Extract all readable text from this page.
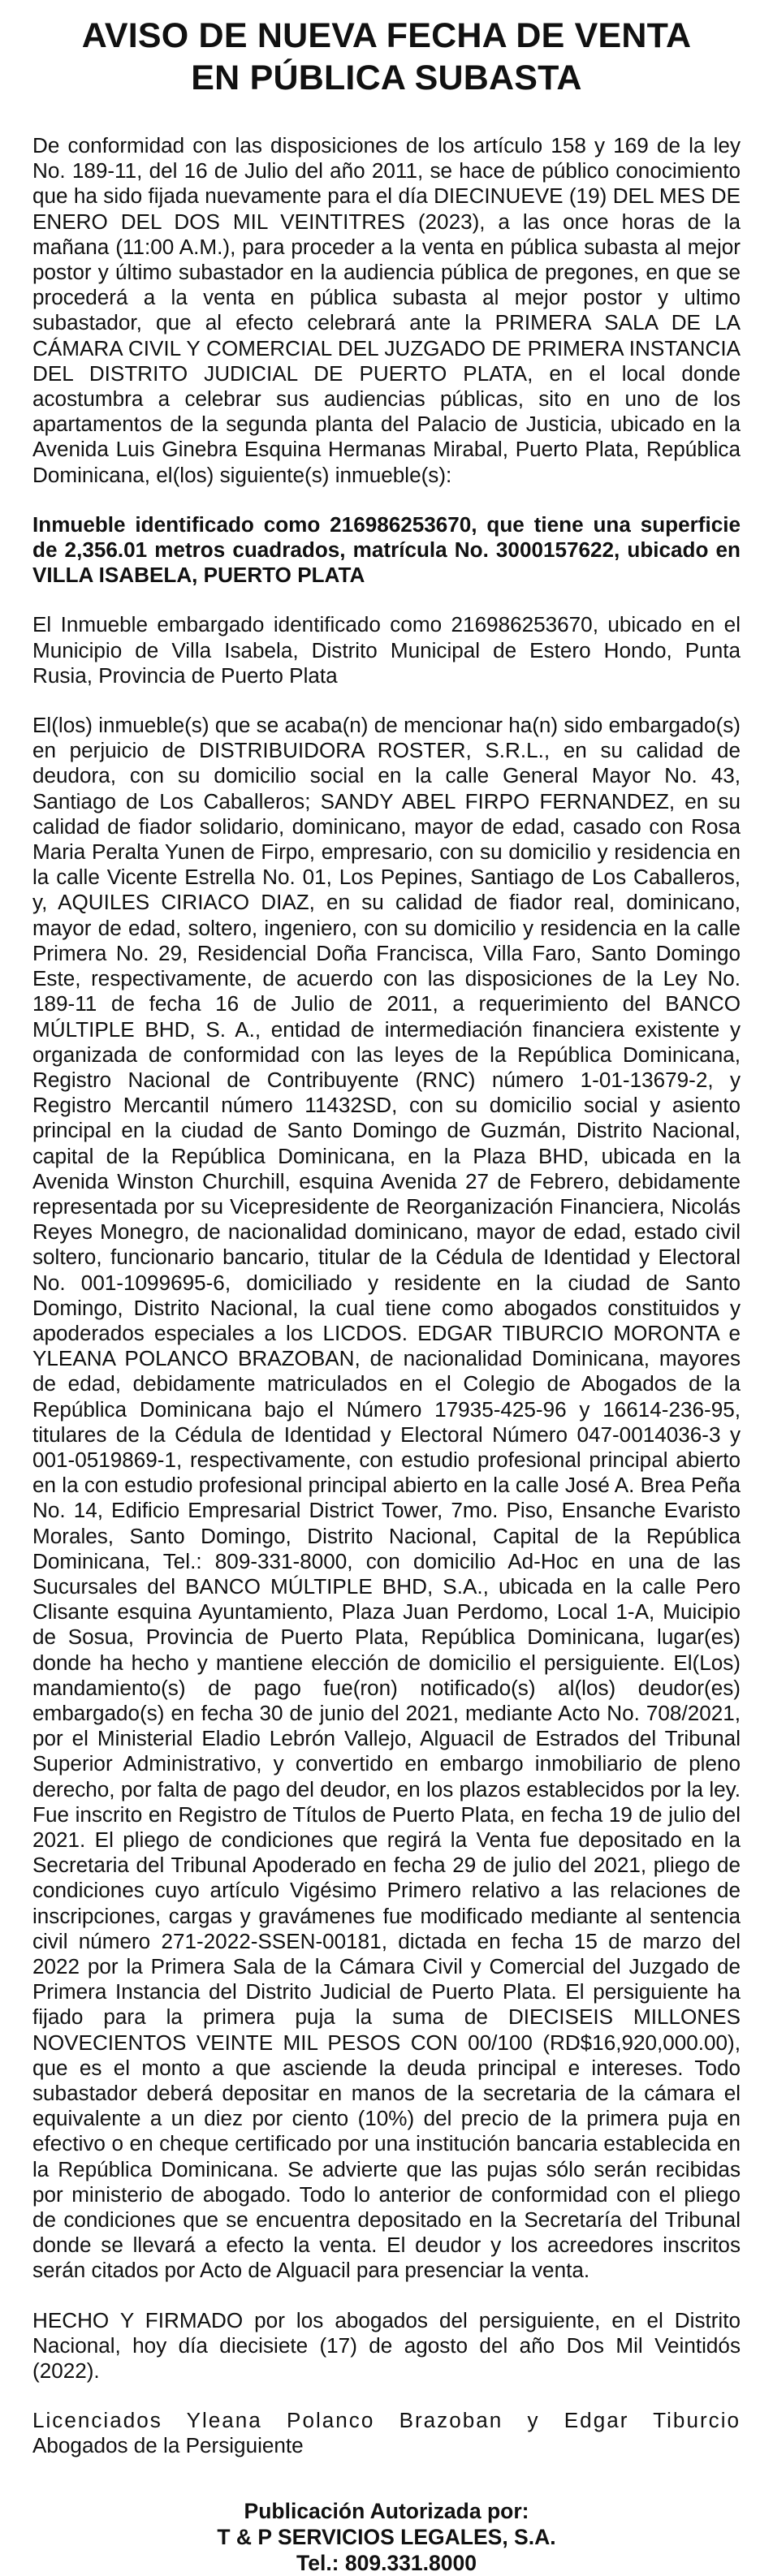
AVISO DE NUEVA FECHA DE VENTA
EN PÚBLICA SUBASTA

De conformidad con las disposiciones de los artículo 158 y 169 de la ley No. 189-11, del 16 de Julio del año 2011, se hace de público conocimiento que ha sido fijada nuevamente para el día DIECINUEVE (19) DEL MES DE ENERO DEL DOS MIL VEINTITRES (2023), a las once horas de la mañana (11:00 A.M.), para proceder a la venta en pública subasta al mejor postor y último subastador en la audiencia pública de pregones, en que se procederá a la venta en pública subasta al mejor postor y ultimo subastador, que al efecto celebrará ante la PRIMERA SALA DE LA CÁMARA CIVIL Y COMERCIAL DEL JUZGADO DE PRIMERA INSTANCIA DEL DISTRITO JUDICIAL DE PUERTO PLATA, en el local donde acostumbra a celebrar sus audiencias públicas, sito en uno de los apartamentos de la segunda planta del Palacio de Justicia, ubicado en la Avenida Luis Ginebra Esquina Hermanas Mirabal, Puerto Plata, República Dominicana, el(los) siguiente(s) inmueble(s):

Inmueble identificado como 216986253670, que tiene una superficie de 2,356.01 metros cuadrados, matrícula No. 3000157622, ubicado en VILLA ISABELA, PUERTO PLATA

El Inmueble embargado identificado como 216986253670, ubicado en el Municipio de Villa Isabela, Distrito Municipal de Estero Hondo, Punta Rusia, Provincia de Puerto Plata

El(los) inmueble(s) que se acaba(n) de mencionar ha(n) sido embargado(s) en perjuicio de DISTRIBUIDORA ROSTER, S.R.L., en su calidad de deudora, con su domicilio social en la calle General Mayor No. 43, Santiago de Los Caballeros; SANDY ABEL FIRPO FERNANDEZ, en su calidad de fiador solidario, dominicano, mayor de edad, casado con Rosa Maria Peralta Yunen de Firpo, empresario, con su domicilio y residencia en la calle Vicente Estrella No. 01, Los Pepines, Santiago de Los Caballeros, y, AQUILES CIRIACO DIAZ, en su calidad de fiador real, dominicano, mayor de edad, soltero, ingeniero, con su domicilio y residencia en la calle Primera No. 29, Residencial Doña Francisca, Villa Faro, Santo Domingo Este, respectivamente, de acuerdo con las disposiciones de la Ley No. 189-11 de fecha 16 de Julio de 2011, a requerimiento del BANCO MÚLTIPLE BHD, S. A., entidad de intermediación financiera existente y organizada de conformidad con las leyes de la República Dominicana, Registro Nacional de Contribuyente (RNC) número 1-01-13679-2, y Registro Mercantil número 11432SD, con su domicilio social y asiento principal en la ciudad de Santo Domingo de Guzmán, Distrito Nacional, capital de la República Dominicana, en la Plaza BHD, ubicada en la Avenida Winston Churchill, esquina Avenida 27 de Febrero, debidamente representada por su Vicepresidente de Reorganización Financiera, Nicolás Reyes Monegro, de nacionalidad dominicano, mayor de edad, estado civil soltero, funcionario bancario, titular de la Cédula de Identidad y Electoral No. 001-1099695-6, domiciliado y residente en la ciudad de Santo Domingo, Distrito Nacional, la cual tiene como abogados constituidos y apoderados especiales a los LICDOS. EDGAR TIBURCIO MORONTA e YLEANA POLANCO BRAZOBAN, de nacionalidad Dominicana, mayores de edad, debidamente matriculados en el Colegio de Abogados de la República Dominicana bajo el Número 17935-425-96 y 16614-236-95, titulares de la Cédula de Identidad y Electoral Número 047-0014036-3 y 001-0519869-1, respectivamente, con estudio profesional principal abierto en la con estudio profesional principal abierto en la calle José A. Brea Peña No. 14, Edificio Empresarial District Tower, 7mo. Piso, Ensanche Evaristo Morales, Santo Domingo, Distrito Nacional, Capital de la República Dominicana, Tel.: 809-331-8000, con domicilio Ad-Hoc en una de las Sucursales del BANCO MÚLTIPLE BHD, S.A., ubicada en la calle Pero Clisante esquina Ayuntamiento, Plaza Juan Perdomo, Local 1-A, Muicipio de Sosua, Provincia de Puerto Plata, República Dominicana, lugar(es) donde ha hecho y mantiene elección de domicilio el persiguiente. El(Los) mandamiento(s) de pago fue(ron) notificado(s) al(los) deudor(es) embargado(s) en fecha 30 de junio del 2021, mediante Acto No. 708/2021, por el Ministerial Eladio Lebrón Vallejo, Alguacil de Estrados del Tribunal Superior Administrativo, y convertido en embargo inmobiliario de pleno derecho, por falta de pago del deudor, en los plazos establecidos por la ley. Fue inscrito en Registro de Títulos de Puerto Plata, en fecha 19 de julio del 2021. El pliego de condiciones que regirá la Venta fue depositado en la Secretaria del Tribunal Apoderado en fecha 29 de julio del 2021, pliego de condiciones cuyo artículo Vigésimo Primero relativo a las relaciones de inscripciones, cargas y gravámenes fue modificado mediante al sentencia civil número 271-2022-SSEN-00181, dictada en fecha 15 de marzo del 2022 por la Primera Sala de la Cámara Civil y Comercial del Juzgado de Primera Instancia del Distrito Judicial de Puerto Plata. El persiguiente ha fijado para la primera puja la suma de DIECISEIS MILLONES NOVECIENTOS VEINTE MIL PESOS CON 00/100 (RD$16,920,000.00), que es el monto a que asciende la deuda principal e intereses. Todo subastador deberá depositar en manos de la secretaria de la cámara el equivalente a un diez por ciento (10%) del precio de la primera puja en efectivo o en cheque certificado por una institución bancaria establecida en la República Dominicana. Se advierte que las pujas sólo serán recibidas por ministerio de abogado. Todo lo anterior de conformidad con el pliego de condiciones que se encuentra depositado en la Secretaría del Tribunal donde se llevará a efecto la venta. El deudor y los acreedores inscritos serán citados por Acto de Alguacil para presenciar la venta.

HECHO Y FIRMADO por los abogados del persiguiente, en el Distrito Nacional, hoy día diecisiete (17) de agosto del año Dos Mil Veintidós (2022).

Licenciados Yleana Polanco Brazoban y Edgar Tiburcio
Abogados de la Persiguiente

Publicación Autorizada por:
T & P SERVICIOS LEGALES, S.A.
Tel.: 809.331.8000
